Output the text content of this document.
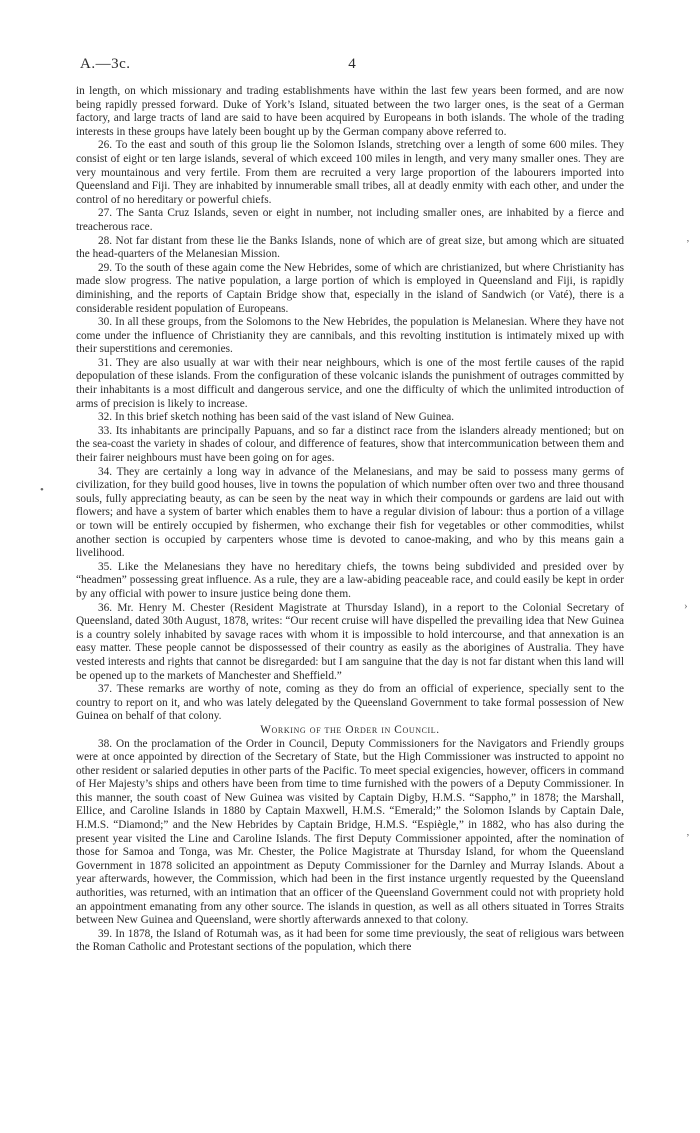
A.—3c.	4

in length, on which missionary and trading establishments have within the last few years been formed, and are now being rapidly pressed forward. Duke of York’s Island, situated between the two larger ones, is the seat of a German factory, and large tracts of land are said to have been acquired by Europeans in both islands. The whole of the trading interests in these groups have lately been bought up by the German company above referred to.

26. To the east and south of this group lie the Solomon Islands, stretching over a length of some 600 miles. They consist of eight or ten large islands, several of which exceed 100 miles in length, and very many smaller ones. They are very mountainous and very fertile. From them are recruited a very large proportion of the labourers imported into Queensland and Fiji. They are inhabited by innumerable small tribes, all at deadly enmity with each other, and under the control of no hereditary or powerful chiefs.

27. The Santa Cruz Islands, seven or eight in number, not including smaller ones, are inhabited by a fierce and treacherous race.

28. Not far distant from these lie the Banks Islands, none of which are of great size, but among which are situated the head-quarters of the Melanesian Mission.

29. To the south of these again come the New Hebrides, some of which are christianized, but where Christianity has made slow progress. The native population, a large portion of which is employed in Queensland and Fiji, is rapidly diminishing, and the reports of Captain Bridge show that, especially in the island of Sandwich (or Vaté), there is a considerable resident population of Europeans.

30. In all these groups, from the Solomons to the New Hebrides, the population is Melanesian. Where they have not come under the influence of Christianity they are cannibals, and this revolting institution is intimately mixed up with their superstitions and ceremonies.

31. They are also usually at war with their near neighbours, which is one of the most fertile causes of the rapid depopulation of these islands. From the configuration of these volcanic islands the punishment of outrages committed by their inhabitants is a most difficult and dangerous service, and one the difficulty of which the unlimited introduction of arms of precision is likely to increase.

32. In this brief sketch nothing has been said of the vast island of New Guinea.

33. Its inhabitants are principally Papuans, and so far a distinct race from the islanders already mentioned; but on the sea-coast the variety in shades of colour, and difference of features, show that intercommunication between them and their fairer neighbours must have been going on for ages.

34. They are certainly a long way in advance of the Melanesians, and may be said to possess many germs of civilization, for they build good houses, live in towns the population of which number often over two and three thousand souls, fully appreciating beauty, as can be seen by the neat way in which their compounds or gardens are laid out with flowers; and have a system of barter which enables them to have a regular division of labour: thus a portion of a village or town will be entirely occupied by fishermen, who exchange their fish for vegetables or other commodities, whilst another section is occupied by carpenters whose time is devoted to canoe-making, and who by this means gain a livelihood.

35. Like the Melanesians they have no hereditary chiefs, the towns being subdivided and presided over by “headmen” possessing great influence. As a rule, they are a law-abiding peaceable race, and could easily be kept in order by any official with power to insure justice being done them.

36. Mr. Henry M. Chester (Resident Magistrate at Thursday Island), in a report to the Colonial Secretary of Queensland, dated 30th August, 1878, writes: “Our recent cruise will have dispelled the prevailing idea that New Guinea is a country solely inhabited by savage races with whom it is impossible to hold intercourse, and that annexation is an easy matter. These people cannot be dispossessed of their country as easily as the aborigines of Australia. They have vested interests and rights that cannot be disregarded: but I am sanguine that the day is not far distant when this land will be opened up to the markets of Manchester and Sheffield.”

37. These remarks are worthy of note, coming as they do from an official of experience, specially sent to the country to report on it, and who was lately delegated by the Queensland Government to take formal possession of New Guinea on behalf of that colony.

Working of the Order in Council.

38. On the proclamation of the Order in Council, Deputy Commissioners for the Navigators and Friendly groups were at once appointed by direction of the Secretary of State, but the High Commissioner was instructed to appoint no other resident or salaried deputies in other parts of the Pacific. To meet special exigencies, however, officers in command of Her Majesty’s ships and others have been from time to time furnished with the powers of a Deputy Commissioner. In this manner, the south coast of New Guinea was visited by Captain Digby, H.M.S. “Sappho,” in 1878; the Marshall, Ellice, and Caroline Islands in 1880 by Captain Maxwell, H.M.S. “Emerald;” the Solomon Islands by Captain Dale, H.M.S. “Diamond;” and the New Hebrides by Captain Bridge, H.M.S. “Espiègle,” in 1882, who has also during the present year visited the Line and Caroline Islands. The first Deputy Commissioner appointed, after the nomination of those for Samoa and Tonga, was Mr. Chester, the Police Magistrate at Thursday Island, for whom the Queensland Government in 1878 solicited an appointment as Deputy Commissioner for the Darnley and Murray Islands. About a year afterwards, however, the Commission, which had been in the first instance urgently requested by the Queensland authorities, was returned, with an intimation that an officer of the Queensland Government could not with propriety hold an appointment emanating from any other source. The islands in question, as well as all others situated in Torres Straits between New Guinea and Queensland, were shortly afterwards annexed to that colony.

39. In 1878, the Island of Rotumah was, as it had been for some time previously, the seat of religious wars between the Roman Catholic and Protestant sections of the population, which there

’
•
›
’
